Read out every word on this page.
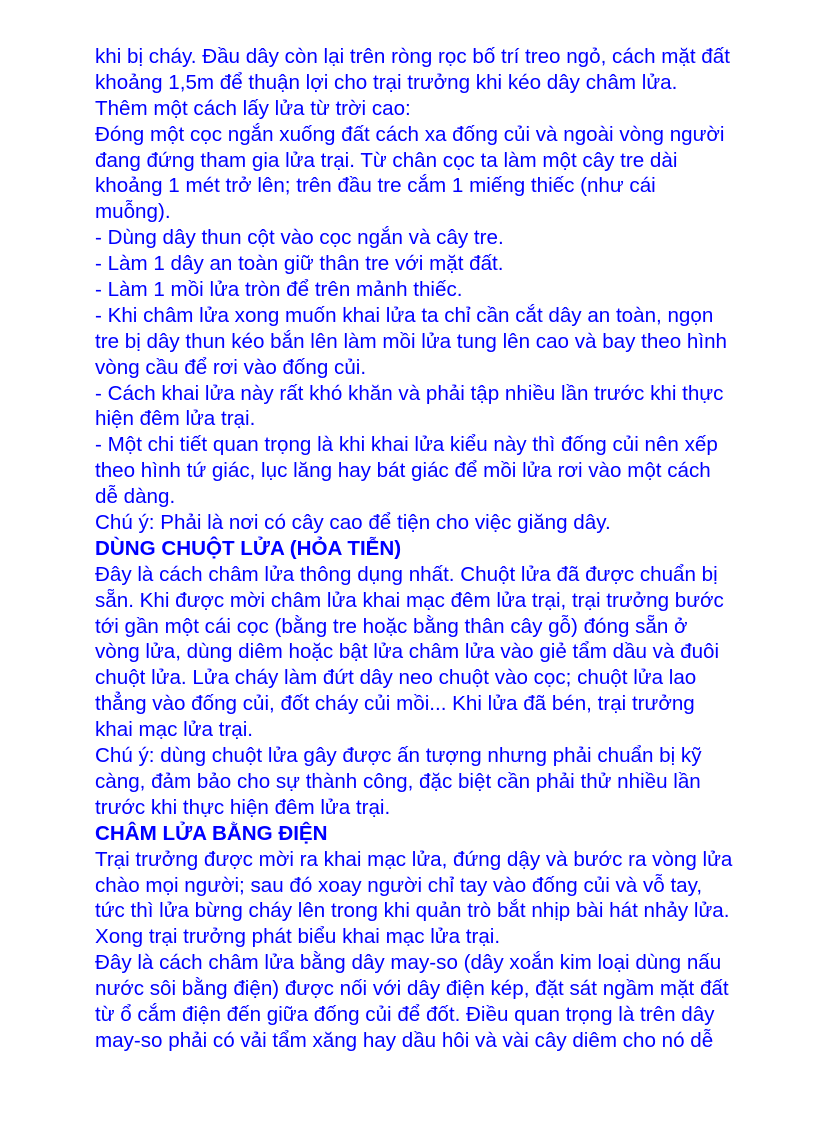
khi bị cháy. Đầu dây còn lại trên ròng rọc bố trí treo ngỏ, cách mặt đất
khoảng 1,5m để thuận lợi cho trại trưởng khi kéo dây châm lửa.
Thêm một cách lấy lửa từ trời cao:
Đóng một cọc ngắn xuống đất cách xa đống củi và ngoài vòng người
đang đứng tham gia lửa trại. Từ chân cọc ta làm một cây tre dài
khoảng 1 mét trở lên; trên đầu tre cắm 1 miếng thiếc (như cái
muỗng).
- Dùng dây thun cột vào cọc ngắn và cây tre.
- Làm 1 dây an toàn giữ thân tre với mặt đất.
- Làm 1 mồi lửa tròn để trên mảnh thiếc.
- Khi châm lửa xong muốn khai lửa ta chỉ cần cắt dây an toàn, ngọn
tre bị dây thun kéo bắn lên làm mồi lửa tung lên cao và bay theo hình
vòng cầu để rơi vào đống củi.
- Cách khai lửa này rất khó khăn và phải tập nhiều lần trước khi thực
hiện đêm lửa trại.
- Một chi tiết quan trọng là khi khai lửa kiểu này thì đống củi nên xếp
theo hình tứ giác, lục lăng hay bát giác để mồi lửa rơi vào một cách
dễ dàng.
Chú ý: Phải là nơi có cây cao để tiện cho việc giăng dây.
DÙNG CHUỘT LỬA (HỎA TIỄN)
Đây là cách châm lửa thông dụng nhất. Chuột lửa đã được chuẩn bị
sẵn. Khi được mời châm lửa khai mạc đêm lửa trại, trại trưởng bước
tới gần một cái cọc (bằng tre hoặc bằng thân cây gỗ) đóng sẵn ở
vòng lửa, dùng diêm hoặc bật lửa châm lửa vào giẻ tẩm dầu và đuôi
chuột lửa. Lửa cháy làm đứt dây neo chuột vào cọc; chuột lửa lao
thẳng vào đống củi, đốt cháy củi mồi... Khi lửa đã bén, trại trưởng
khai mạc lửa trại.
Chú ý: dùng chuột lửa gây được ấn tượng nhưng phải chuẩn bị kỹ
càng, đảm bảo cho sự thành công, đặc biệt cần phải thử nhiều lần
trước khi thực hiện đêm lửa trại.
CHÂM LỬA BẰNG ĐIỆN
Trại trưởng được mời ra khai mạc lửa, đứng dậy và bước ra vòng lửa
chào mọi người; sau đó xoay người chỉ tay vào đống củi và vỗ tay,
tức thì lửa bừng cháy lên trong khi quản trò bắt nhịp bài hát nhảy lửa.
Xong trại trưởng phát biểu khai mạc lửa trại.
Đây là cách châm lửa bằng dây may-so (dây xoắn kim loại dùng nấu
nước sôi bằng điện) được nối với dây điện kép, đặt sát ngầm mặt đất
từ ổ cắm điện đến giữa đống củi để đốt. Điều quan trọng là trên dây
may-so phải có vải tẩm xăng hay dầu hôi và vài cây diêm cho nó dễ
